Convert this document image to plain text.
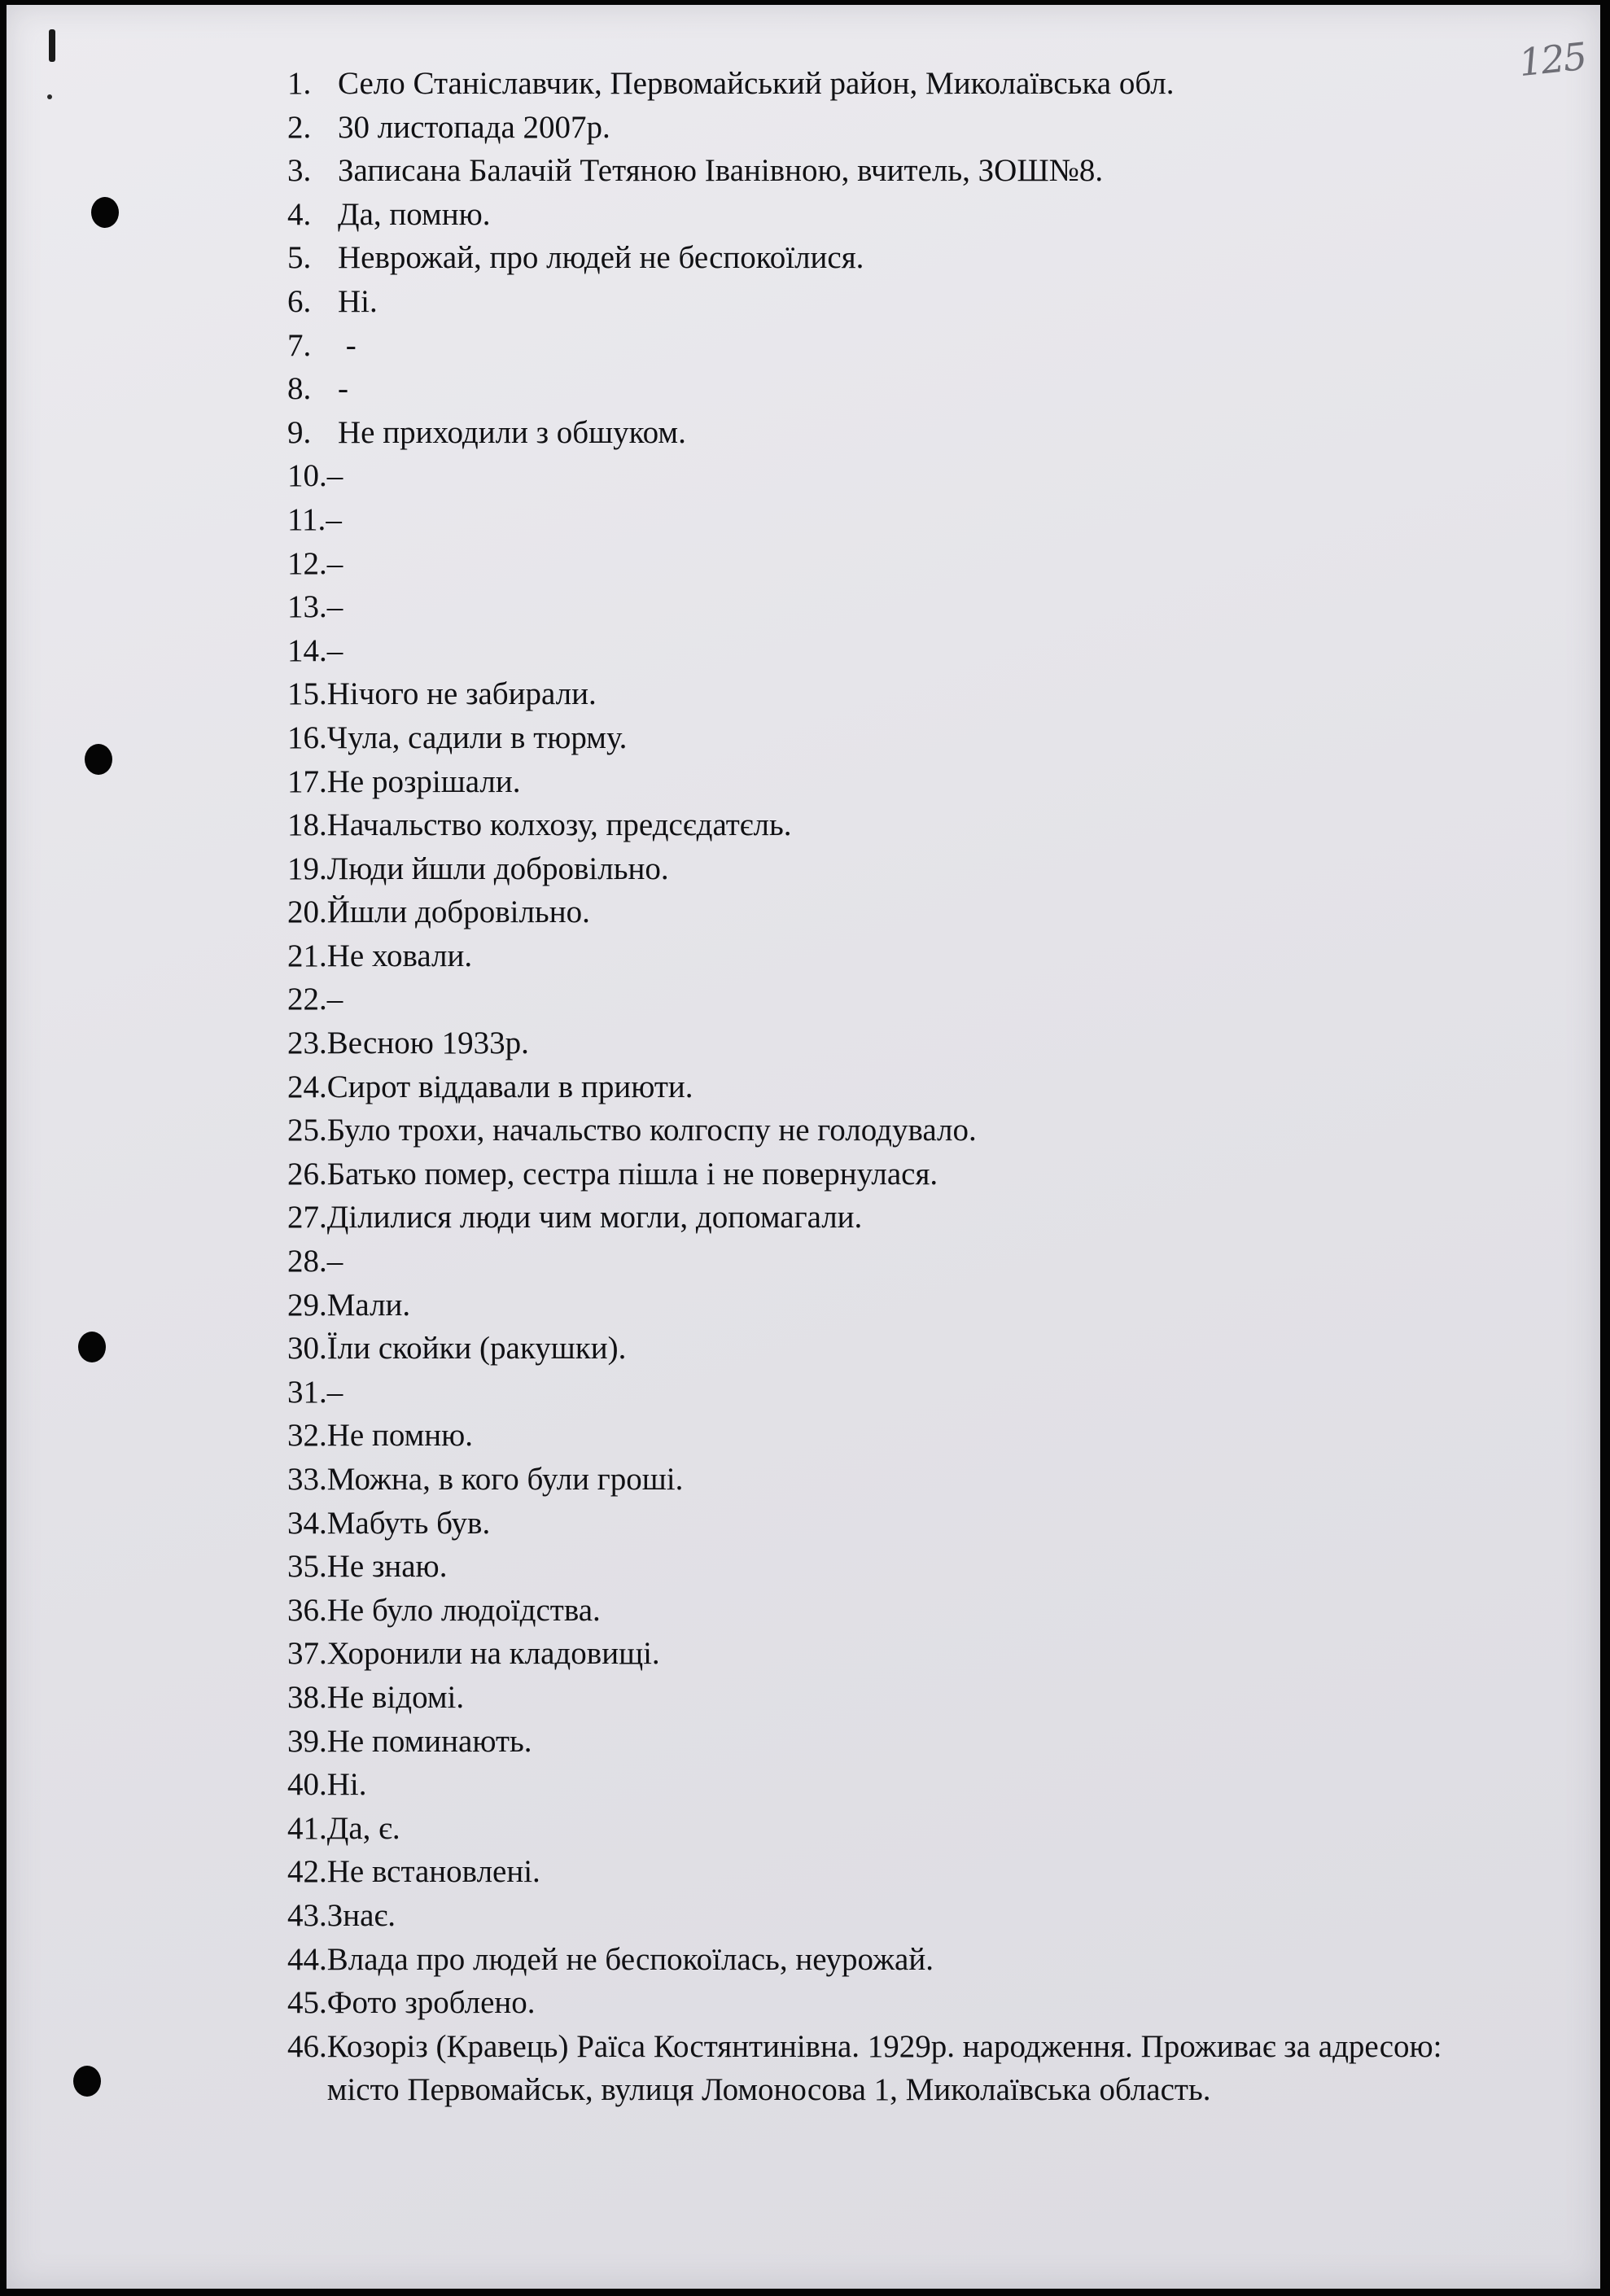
125
1. Село Станіславчик, Первомайський район, Миколаївська обл.
2. 30 листопада 2007р.
3. Записана Балачій Тетяною Іванівною, вчитель, ЗОШ№8.
4. Да, помню.
5. Неврожай, про людей не беспокоїлися.
6. Ні.
7. -
8. -
9. Не приходили з обшуком.
10. –
11. –
12. –
13. –
14. –
15. Нічого не забирали.
16. Чула, садили в тюрму.
17. Не розрішали.
18. Начальство колхозу, предсєдатєль.
19. Люди йшли добровільно.
20. Йшли добровільно.
21. Не ховали.
22. –
23. Весною 1933р.
24. Сирот віддавали в приюти.
25. Було трохи, начальство колгоспу не голодувало.
26. Батько помер, сестра пішла і не повернулася.
27. Ділилися люди чим могли, допомагали.
28. –
29. Мали.
30. Їли скойки (ракушки).
31. –
32. Не помню.
33. Можна, в кого були гроші.
34. Мабуть був.
35. Не знаю.
36. Не було людоїдства.
37. Хоронили на кладовищі.
38. Не відомі.
39. Не поминають.
40. Ні.
41. Да, є.
42. Не встановлені.
43. Знає.
44. Влада про людей не беспокоїлась, неурожай.
45. Фото зроблено.
46. Козоріз (Кравець) Раїса Костянтинівна. 1929р. народження. Проживає за адресою: місто Первомайськ, вулиця Ломоносова 1, Миколаївська область.
